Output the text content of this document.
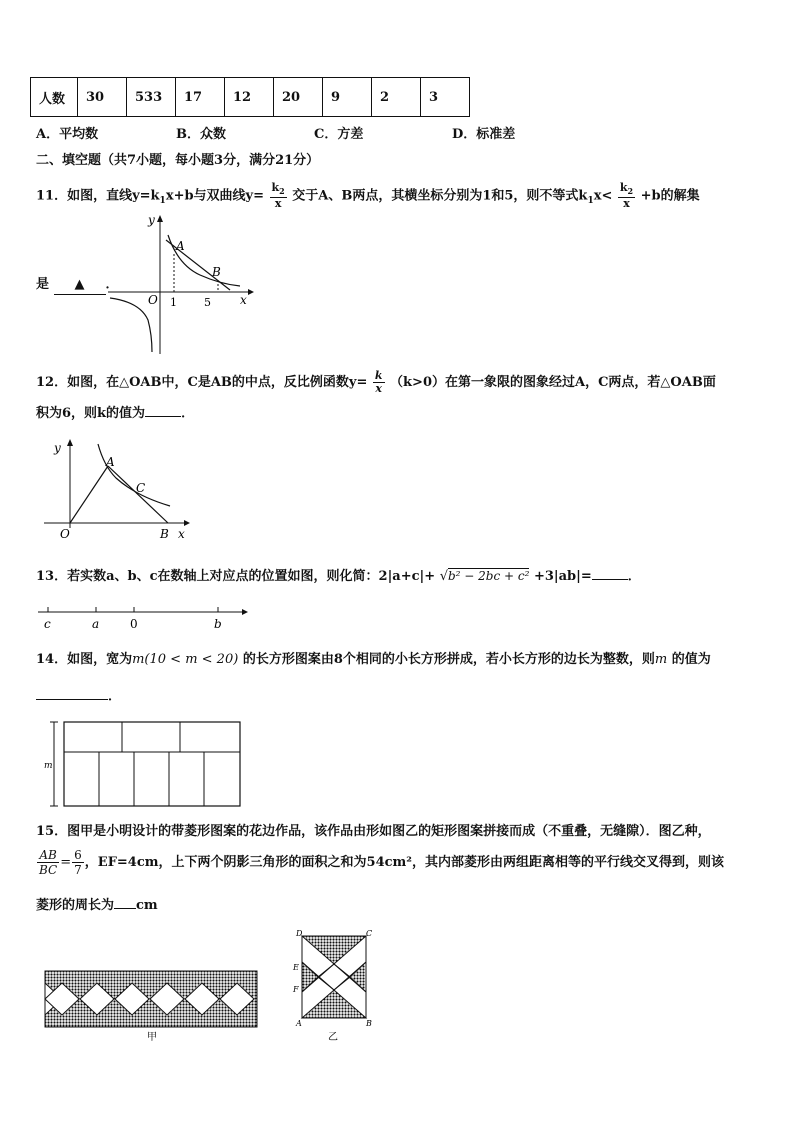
人数	30	533	17	12	20	9	2	3
A．平均数	B．众数	C．方差	D．标准差
二、填空题（共7小题，每小题3分，满分21分）
11．如图，直线$y=k_1x+b$与双曲线$y= \frac{k_2}{x}$ 交于A、B两点，其横坐标分别为1和5，则不等式$k_1x< \frac{k_2}{x} +b$的解集
是 ▲ ．
y
x
O
A
B
1 5
12．如图，在△OAB中，C是AB的中点，反比例函数$y= \frac{k}{x} (k>0)$在第一象限的图象经过A，C两点，若△OAB面
积为6，则k的值为	．
y
x
O
A
B
C
13．若实数a、b、c在数轴上对应点的位置如图，则化简：2|a+c|+ √b² − 2bc + c² +3|ab|=	．
c	a	0	b
14．如图，宽为m(10 < m < 20) 的长方形图案由8个相同的小长方形拼成，若小长方形的边长为整数，则m 的值为
．
m
15．图甲是小明设计的带菱形图案的花边作品，该作品由形如图乙的矩形图案拼接而成（不重叠，无缝隙）．图乙种，
$\frac{AB}{BC} = \frac{6}{7}$ ，EF=4cm，上下两个阴影三角形的面积之和为54cm²，其内部菱形由两组距离相等的平行线交叉得到，则该
菱形的周长为 cm
甲
D	C
E
F
A	B
乙
